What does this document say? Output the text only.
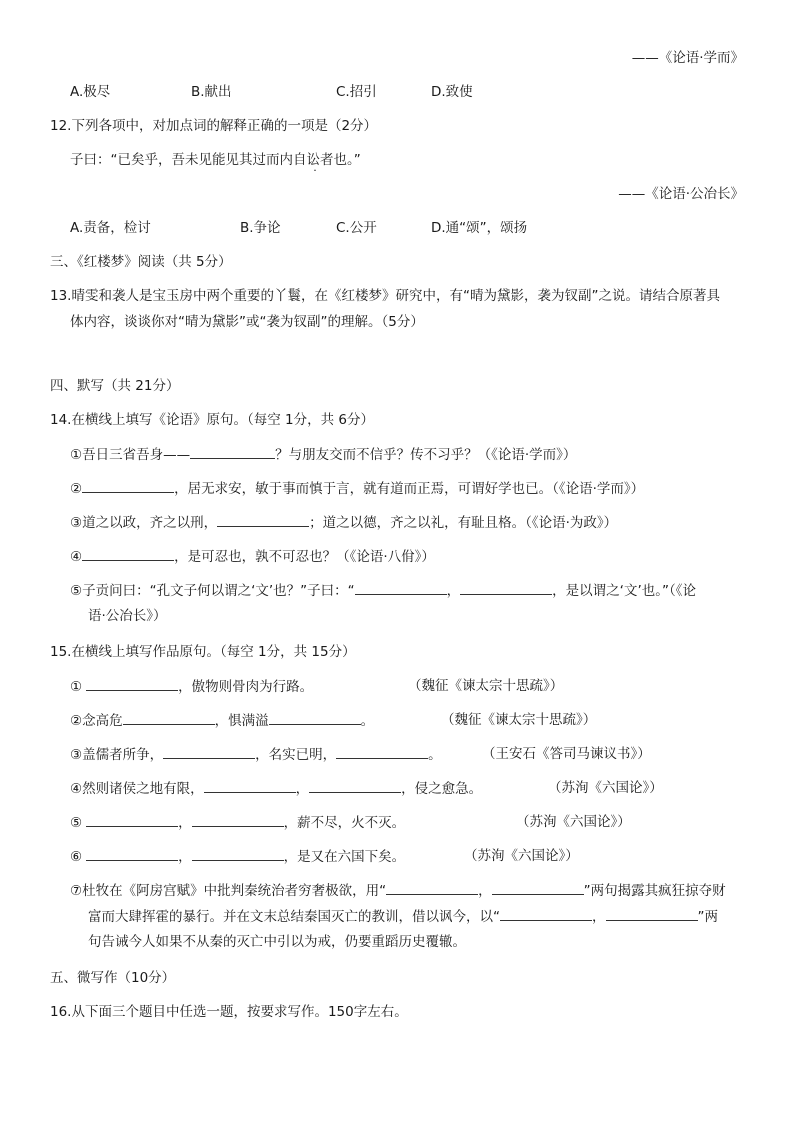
——《论语·学而》
A.极尽	B.献出	C.招引	D.致使
12.下列各项中，对加点词的解释正确的一项是（2分）
子曰：“已矣乎，吾未见能见其过而内自讼者也。”
——《论语·公冶长》
A.责备，检讨	B.争论	C.公开	D.通“颂”，颂扬
三、《红楼梦》阅读（共 5分）
13.晴雯和袭人是宝玉房中两个重要的丫鬟，在《红楼梦》研究中，有“晴为黛影，袭为钗副”之说。请结合原著具
体内容，谈谈你对“晴为黛影”或“袭为钗副”的理解。（5分）
四、默写（共 21分）
14.在横线上填写《论语》原句。（每空 1分，共 6分）
①吾日三省吾身——	？与朋友交而不信乎？传不习乎？（《论语·学而》）
②	，居无求安，敏于事而慎于言，就有道而正焉，可谓好学也已。（《论语·学而》）
③道之以政，齐之以刑，	；道之以德，齐之以礼，有耻且格。（《论语·为政》）
④	，是可忍也，孰不可忍也？（《论语·八佾》）
⑤子贡问曰：“孔文子何以谓之‘文’也？”子曰：“	，	，是以谓之‘文’也。”（《论
语·公冶长》）
15.在横线上填写作品原句。（每空 1分，共 15分）
①	，傲物则骨肉为行路。	（魏征《谏太宗十思疏》）
②念高危	，惧满溢	。	（魏征《谏太宗十思疏》）
③盖儒者所争，	，名实已明，	。	（王安石《答司马谏议书》）
④然则诸侯之地有限，	，	，侵之愈急。	（苏洵《六国论》）
⑤	，	，薪不尽，火不灭。	（苏洵《六国论》）
⑥	，	，是又在六国下矣。	（苏洵《六国论》）
⑦杜牧在《阿房宫赋》中批判秦统治者穷奢极欲，用“	，	”两句揭露其疯狂掠夺财
富而大肆挥霍的暴行。并在文末总结秦国灭亡的教训，借以讽今，以“	，	”两
句告诫今人如果不从秦的灭亡中引以为戒，仍要重蹈历史覆辙。
五、微写作（10分）
16.从下面三个题目中任选一题，按要求写作。150字左右。
